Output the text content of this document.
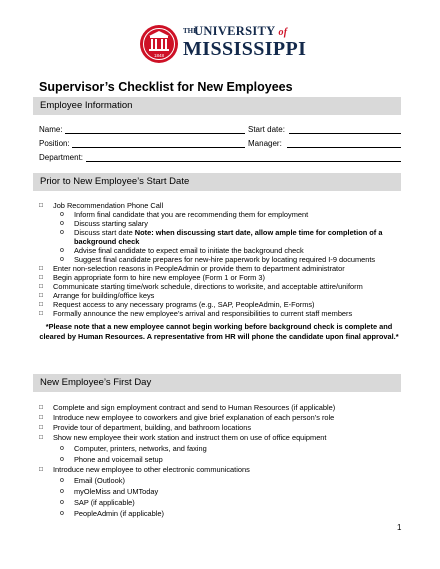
1848
THE
UNIVERSITY of
MISSISSIPPI
Supervisor’s Checklist for New Employees
Employee Information
Name:	Start date:
Position:	Manager:
Department:
Prior to New Employee’s Start Date
□ Job Recommendation Phone Call
o Inform final candidate that you are recommending them for employment
o Discuss starting salary
o Discuss start date Note: when discussing start date, allow ample time for completion of a
background check
o Advise final candidate to expect email to initiate the background check
o Suggest final candidate prepares for new-hire paperwork by locating required I-9 documents
□ Enter non-selection reasons in PeopleAdmin or provide them to department administrator
□ Begin appropriate form to hire new employee (Form 1 or Form 3)
□ Communicate starting time/work schedule, directions to worksite, and acceptable attire/uniform
□ Arrange for building/office keys
□ Request access to any necessary programs (e.g., SAP, PeopleAdmin, E-Forms)
□ Formally announce the new employee’s arrival and responsibilities to current staff members
*Please note that a new employee cannot begin working before background check is complete and
cleared by Human Resources. A representative from HR will phone the candidate upon final approval.*
New Employee’s First Day
□ Complete and sign employment contract and send to Human Resources (if applicable)
□ Introduce new employee to coworkers and give brief explanation of each person’s role
□ Provide tour of department, building, and bathroom locations
□ Show new employee their work station and instruct them on use of office equipment
o Computer, printers, networks, and faxing
o Phone and voicemail setup
□ Introduce new employee to other electronic communications
o Email (Outlook)
o myOleMiss and UMToday
o SAP (if applicable)
o PeopleAdmin (if applicable)
1
